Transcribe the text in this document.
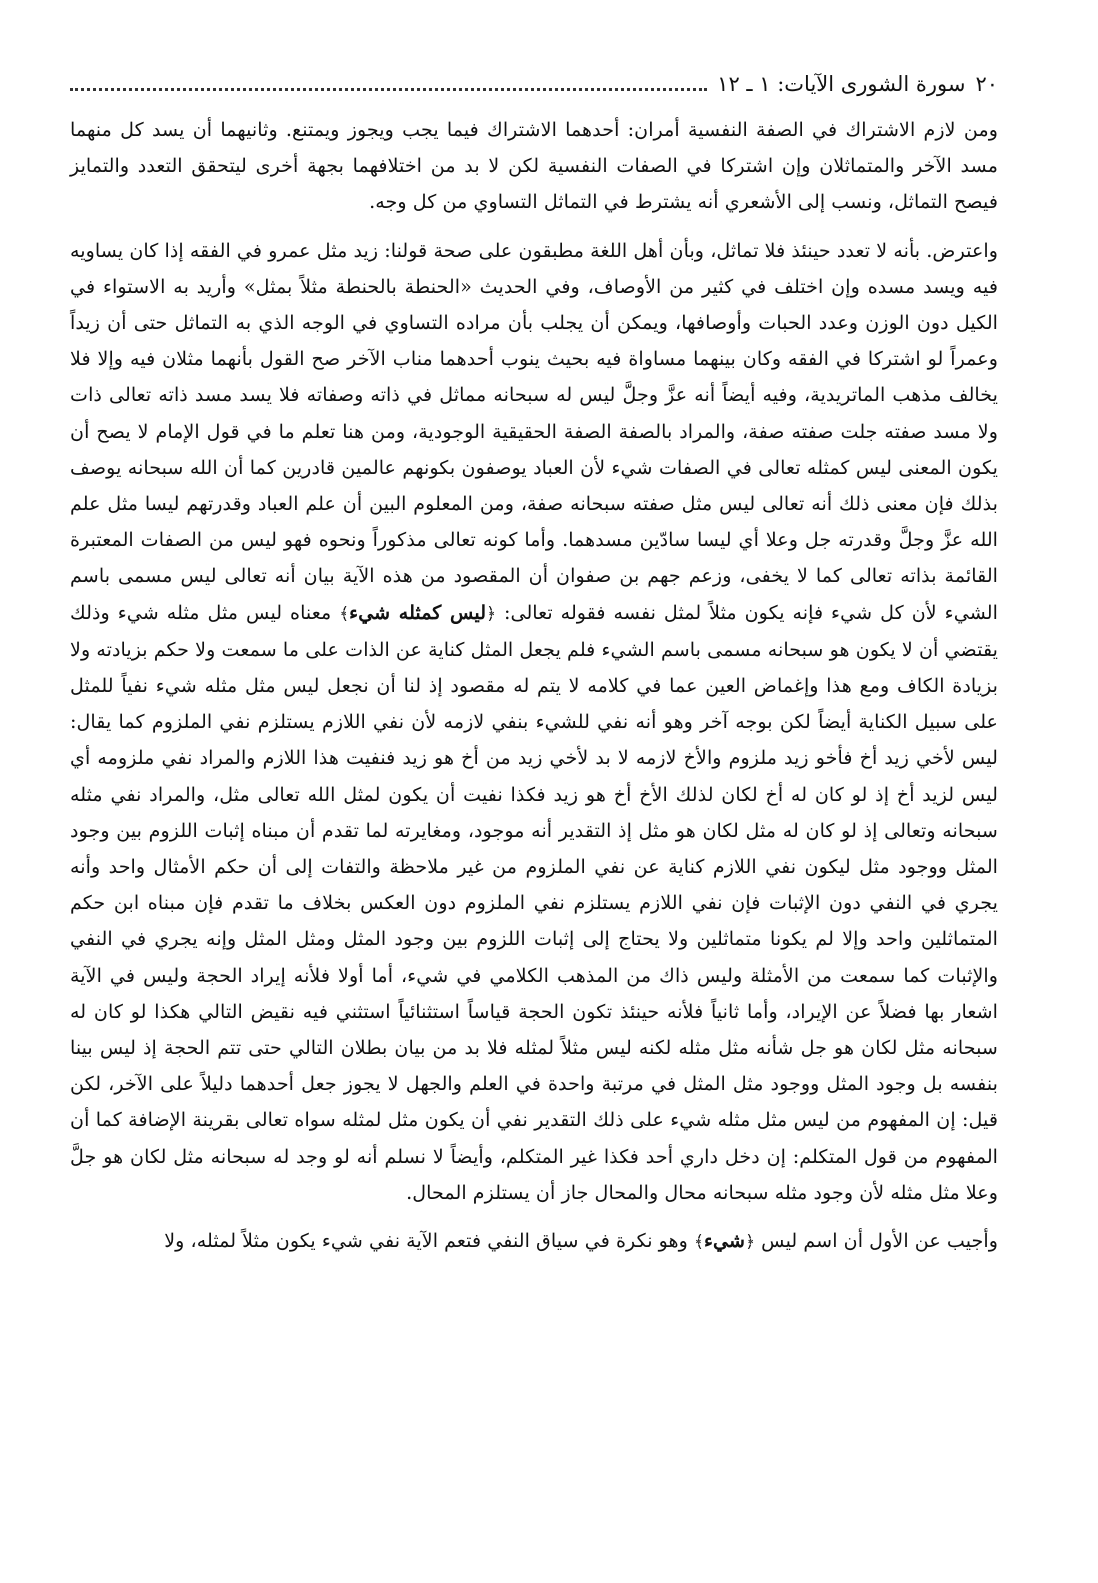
٢٠
سورة الشورى الآيات: ١ ـ ١٢

ومن لازم الاشتراك في الصفة النفسية أمران: أحدهما الاشتراك فيما يجب ويجوز ويمتنع. وثانيهما أن يسد كل منهما مسد الآخر والمتماثلان وإن اشتركا في الصفات النفسية لكن لا بد من اختلافهما بجهة أخرى ليتحقق التعدد والتمايز فيصح التماثل، ونسب إلى الأشعري أنه يشترط في التماثل التساوي من كل وجه.

واعترض. بأنه لا تعدد حينئذ فلا تماثل، وبأن أهل اللغة مطبقون على صحة قولنا: زيد مثل عمرو في الفقه إذا كان يساويه فيه ويسد مسده وإن اختلف في كثير من الأوصاف، وفي الحديث «الحنطة بالحنطة مثلاً بمثل» وأريد به الاستواء في الكيل دون الوزن وعدد الحبات وأوصافها، ويمكن أن يجلب بأن مراده التساوي في الوجه الذي به التماثل حتى أن زيداً وعمراً لو اشتركا في الفقه وكان بينهما مساواة فيه بحيث ينوب أحدهما مناب الآخر صح القول بأنهما مثلان فيه وإلا فلا يخالف مذهب الماتريدية، وفيه أيضاً أنه عزَّ وجلَّ ليس له سبحانه مماثل في ذاته وصفاته فلا يسد مسد ذاته تعالى ذات ولا مسد صفته جلت صفته صفة، والمراد بالصفة الصفة الحقيقية الوجودية، ومن هنا تعلم ما في قول الإمام لا يصح أن يكون المعنى ليس كمثله تعالى في الصفات شيء لأن العباد يوصفون بكونهم عالمين قادرين كما أن الله سبحانه يوصف بذلك فإن معنى ذلك أنه تعالى ليس مثل صفته سبحانه صفة، ومن المعلوم البين أن علم العباد وقدرتهم ليسا مثل علم الله عزَّ وجلَّ وقدرته جل وعلا أي ليسا سادّين مسدهما. وأما كونه تعالى مذكوراً ونحوه فهو ليس من الصفات المعتبرة القائمة بذاته تعالى كما لا يخفى، وزعم جهم بن صفوان أن المقصود من هذه الآية بيان أنه تعالى ليس مسمى باسم الشيء لأن كل شيء فإنه يكون مثلاً لمثل نفسه فقوله تعالى: ﴿ليس كمثله شيء﴾ معناه ليس مثل مثله شيء وذلك يقتضي أن لا يكون هو سبحانه مسمى باسم الشيء فلم يجعل المثل كناية عن الذات على ما سمعت ولا حكم بزيادته ولا بزيادة الكاف ومع هذا وإغماض العين عما في كلامه لا يتم له مقصود إذ لنا أن نجعل ليس مثل مثله شيء نفياً للمثل على سبيل الكناية أيضاً لكن بوجه آخر وهو أنه نفي للشيء بنفي لازمه لأن نفي اللازم يستلزم نفي الملزوم كما يقال: ليس لأخي زيد أخ فأخو زيد ملزوم والأخ لازمه لا بد لأخي زيد من أخ هو زيد فنفيت هذا اللازم والمراد نفي ملزومه أي ليس لزيد أخ إذ لو كان له أخ لكان لذلك الأخ أخ هو زيد فكذا نفيت أن يكون لمثل الله تعالى مثل، والمراد نفي مثله سبحانه وتعالى إذ لو كان له مثل لكان هو مثل إذ التقدير أنه موجود، ومغايرته لما تقدم أن مبناه إثبات اللزوم بين وجود المثل ووجود مثل ليكون نفي اللازم كناية عن نفي الملزوم من غير ملاحظة والتفات إلى أن حكم الأمثال واحد وأنه يجري في النفي دون الإثبات فإن نفي اللازم يستلزم نفي الملزوم دون العكس بخلاف ما تقدم فإن مبناه ابن حكم المتماثلين واحد وإلا لم يكونا متماثلين ولا يحتاج إلى إثبات اللزوم بين وجود المثل ومثل المثل وإنه يجري في النفي والإثبات كما سمعت من الأمثلة وليس ذاك من المذهب الكلامي في شيء، أما أولا فلأنه إيراد الحجة وليس في الآية اشعار بها فضلاً عن الإيراد، وأما ثانياً فلأنه حينئذ تكون الحجة قياساً استثنائياً استثني فيه نقيض التالي هكذا لو كان له سبحانه مثل لكان هو جل شأنه مثل مثله لكنه ليس مثلاً لمثله فلا بد من بيان بطلان التالي حتى تتم الحجة إذ ليس بينا بنفسه بل وجود المثل ووجود مثل المثل في مرتبة واحدة في العلم والجهل لا يجوز جعل أحدهما دليلاً على الآخر، لكن قيل: إن المفهوم من ليس مثل مثله شيء على ذلك التقدير نفي أن يكون مثل لمثله سواه تعالى بقرينة الإضافة كما أن المفهوم من قول المتكلم: إن دخل داري أحد فكذا غير المتكلم، وأيضاً لا نسلم أنه لو وجد له سبحانه مثل لكان هو جلَّ وعلا مثل مثله لأن وجود مثله سبحانه محال والمحال جاز أن يستلزم المحال.

وأجيب عن الأول أن اسم ليس ﴿شيء﴾ وهو نكرة في سياق النفي فتعم الآية نفي شيء يكون مثلاً لمثله، ولا
